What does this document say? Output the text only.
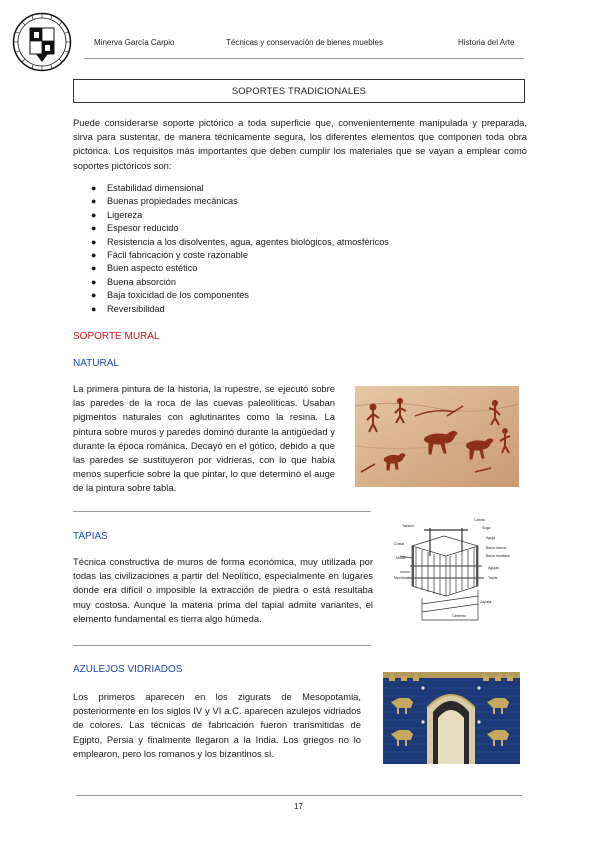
Minerva García Carpio	Técnicas y conservación de bienes muebles	Historia del Arte
SOPORTES TRADICIONALES
Puede considerarse soporte pictórico a toda superficie que, convenientemente manipulada y preparada, sirva para sustentar, de manera técnicamente segura, los diferentes elementos que componen toda obra pictórica. Los requisitos más importantes que deben cumplir los materiales que se vayan a emplear como soportes pictóricos son:
● Estabilidad dimensional
● Buenas propiedades mecánicas
● Ligereza
● Espesor reducido
● Resistencia a los disolventes, agua, agentes biológicos, atmosféricos
● Fácil fabricación y coste razonable
● Buen aspecto estético
● Buena absorción
● Baja toxicidad de los componentes
● Reversibilidad
SOPORTE MURAL
NATURAL
La primera pintura de la historia, la rupestre, se ejecutó sobre las paredes de la roca de las cuevas paleolíticas. Usaban pigmentos naturales con aglutinantes como la resina. La pintura sobre muros y paredes dominó durante la antigüedad y durante la época románica. Decayó en el gótico, debido a que las paredes se sustituyeron por vidrieras, con lo que había menos superficie sobre la que pintar, lo que determinó el auge de la pintura sobre tabla.
TAPIAS
Técnica constructiva de muros de forma económica, muy utilizada por todas las civilizaciones a partir del Neolítico, especialmente en lugares donde era difícil o imposible la extracción de piedra o está resultaba muy costosa. Aunque la materia prima del tapial admite variantes, el elemento fundamental es tierra algo húmeda.
Cabria
Soga
Aguja
Tablero
Costal
Molde
Barra tranca
Barra mordaza
Agujas
Tapial
Mechinal
Zapata
Cimiento
AZULEJOS VIDRIADOS
Los primeros aparecen en los zigurats de Mesopotamia, posteriormente en los siglos IV y VI a.C. aparecen azulejos vidriados de colores. Las técnicas de fabricación fueron transmitidas de Egipto, Persia y finalmente llegaron a la India. Los griegos no lo emplearon, pero los romanos y los bizantinos sí.
17
